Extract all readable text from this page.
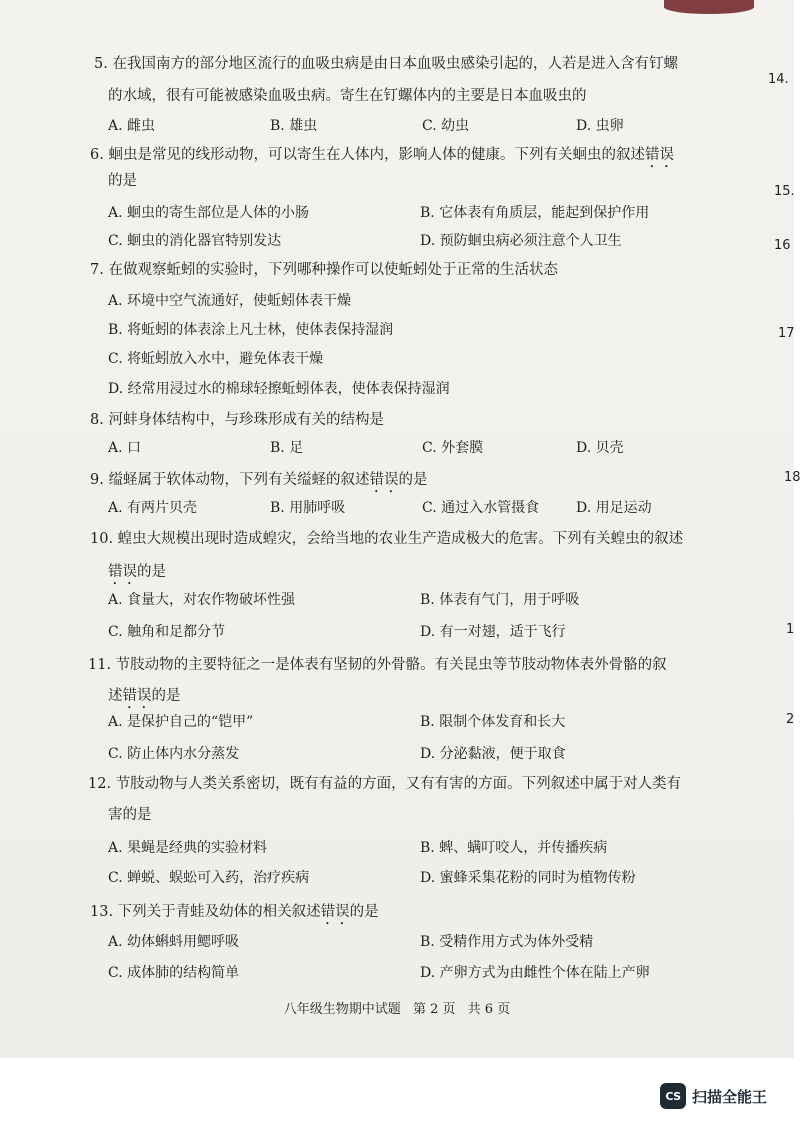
5. 在我国南方的部分地区流行的血吸虫病是由日本血吸虫感染引起的，人若是进入含有钉螺
的水域，很有可能被感染血吸虫病。寄生在钉螺体内的主要是日本血吸虫的
A. 雌虫	B. 雄虫	C. 幼虫	D. 虫卵
6. 蛔虫是常见的线形动物，可以寄生在人体内，影响人体的健康。下列有关蛔虫的叙述错误
的是
A. 蛔虫的寄生部位是人体的小肠	B. 它体表有角质层，能起到保护作用
C. 蛔虫的消化器官特别发达	D. 预防蛔虫病必须注意个人卫生
7. 在做观察蚯蚓的实验时，下列哪种操作可以使蚯蚓处于正常的生活状态
A. 环境中空气流通好，使蚯蚓体表干燥
B. 将蚯蚓的体表涂上凡士林，使体表保持湿润
C. 将蚯蚓放入水中，避免体表干燥
D. 经常用浸过水的棉球轻擦蚯蚓体表，使体表保持湿润
8. 河蚌身体结构中，与珍珠形成有关的结构是
A. 口	B. 足	C. 外套膜	D. 贝壳
9. 缢蛏属于软体动物，下列有关缢蛏的叙述错误的是
A. 有两片贝壳	B. 用肺呼吸	C. 通过入水管摄食	D. 用足运动
10. 蝗虫大规模出现时造成蝗灾，会给当地的农业生产造成极大的危害。下列有关蝗虫的叙述
错误的是
A. 食量大，对农作物破坏性强	B. 体表有气门，用于呼吸
C. 触角和足都分节	D. 有一对翅，适于飞行
11. 节肢动物的主要特征之一是体表有坚韧的外骨骼。有关昆虫等节肢动物体表外骨骼的叙
述错误的是
A. 是保护自己的“铠甲”	B. 限制个体发育和长大
C. 防止体内水分蒸发	D. 分泌黏液，便于取食
12. 节肢动物与人类关系密切，既有有益的方面，又有有害的方面。下列叙述中属于对人类有
害的是
A. 果蝇是经典的实验材料	B. 蜱、螨叮咬人，并传播疾病
C. 蝉蜕、蜈蚣可入药，治疗疾病	D. 蜜蜂采集花粉的同时为植物传粉
13. 下列关于青蛙及幼体的相关叙述错误的是
A. 幼体蝌蚪用鳃呼吸	B. 受精作用方式为体外受精
C. 成体肺的结构简单	D. 产卵方式为由雌性个体在陆上产卵
14.
15.
16
17
18
1
2
八年级生物期中试题 第 2 页 共 6 页
CS 扫描全能王
